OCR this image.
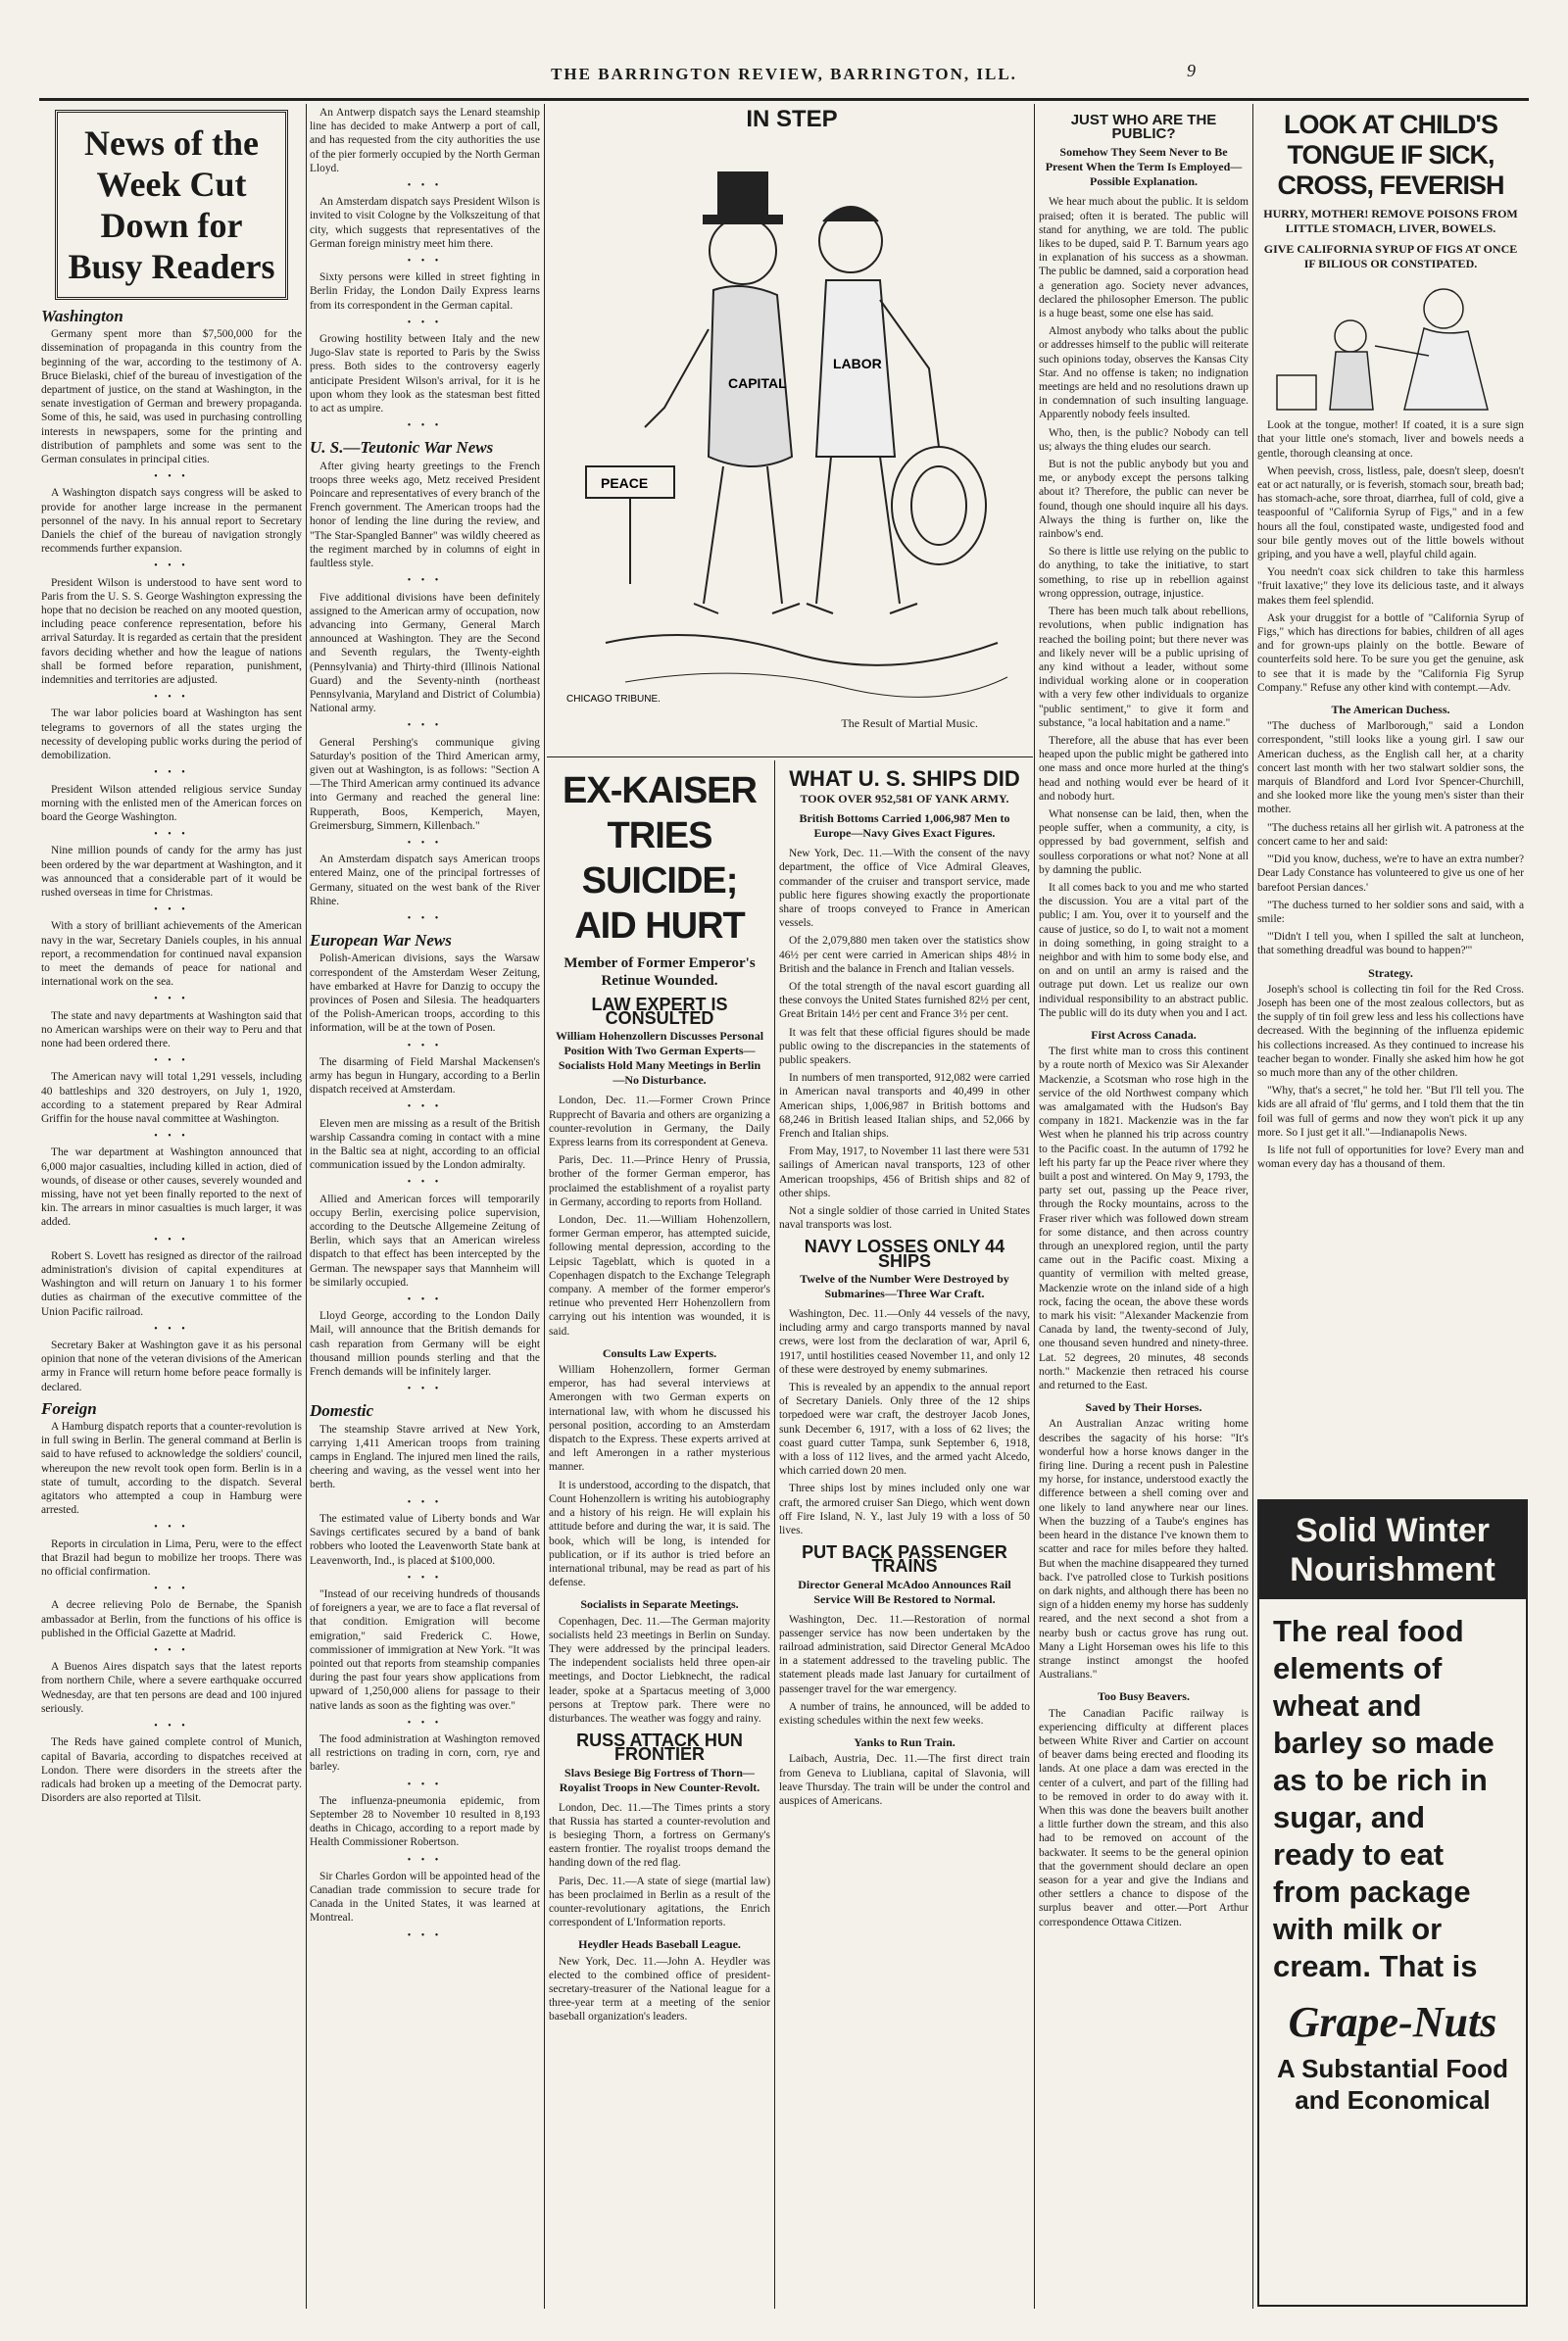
THE BARRINGTON REVIEW, BARRINGTON, ILL.	9
News of the Week Cut Down for Busy Readers
Washington

Germany spent more than $7,500,000 for the dissemination of propaganda in this country from the beginning of the war, according to the testimony of A. Bruce Bielaski, chief of the bureau of investigation of the department of justice, on the stand at Washington, in the senate investigation of German and brewery propaganda. Some of this, he said, was used in purchasing controlling interests in newspapers, some for the printing and distribution of pamphlets and some was sent to the German consulates in principal cities.

• • •

A Washington dispatch says congress will be asked to provide for another large increase in the permanent personnel of the navy. In his annual report to Secretary Daniels the chief of the bureau of navigation strongly recommends further expansion.

• • •

President Wilson is understood to have sent word to Paris from the U. S. S. George Washington expressing the hope that no decision be reached on any mooted question, including peace conference representation, before his arrival Saturday. It is regarded as certain that the president favors deciding whether and how the league of nations shall be formed before reparation, punishment, indemnities and territories are adjusted.

• • •

The war labor policies board at Washington has sent telegrams to governors of all the states urging the necessity of developing public works during the period of demobilization.

• • •

President Wilson attended religious service Sunday morning with the enlisted men of the American forces on board the George Washington.

• • •

Nine million pounds of candy for the army has just been ordered by the war department at Washington, and it was announced that a considerable part of it would be rushed overseas in time for Christmas.

• • •

With a story of brilliant achievements of the American navy in the war, Secretary Daniels couples, in his annual report, a recommendation for continued naval expansion to meet the demands of peace for national and international work on the sea.

• • •

The state and navy departments at Washington said that no American warships were on their way to Peru and that none had been ordered there.

• • •

The American navy will total 1,291 vessels, including 40 battleships and 320 destroyers, on July 1, 1920, according to a statement prepared by Rear Admiral Griffin for the house naval committee at Washington.

• • •

The war department at Washington announced that 6,000 major casualties, including killed in action, died of wounds, of disease or other causes, severely wounded and missing, have not yet been finally reported to the next of kin. The arrears in minor casualties is much larger, it was added.

• • •

Robert S. Lovett has resigned as director of the railroad administration's division of capital expenditures at Washington and will return on January 1 to his former duties as chairman of the executive committee of the Union Pacific railroad.

• • •

Secretary Baker at Washington gave it as his personal opinion that none of the veteran divisions of the American army in France will return home before peace formally is declared.

Foreign

A Hamburg dispatch reports that a counter-revolution is in full swing in Berlin. The general command at Berlin is said to have refused to acknowledge the soldiers' council, whereupon the new revolt took open form. Berlin is in a state of tumult, according to the dispatch. Several agitators who attempted a coup in Hamburg were arrested.

• • •

Reports in circulation in Lima, Peru, were to the effect that Brazil had begun to mobilize her troops. There was no official confirmation.

• • •

A decree relieving Polo de Bernabe, the Spanish ambassador at Berlin, from the functions of his office is published in the Official Gazette at Madrid.

• • •

A Buenos Aires dispatch says that the latest reports from northern Chile, where a severe earthquake occurred Wednesday, are that ten persons are dead and 100 injured seriously.

• • •

The Reds have gained complete control of Munich, capital of Bavaria, according to dispatches received at London. There were disorders in the streets after the radicals had broken up a meeting of the Democrat party. Disorders are also reported at Tilsit.

An Antwerp dispatch says the Lenard steamship line has decided to make Antwerp a port of call, and has requested from the city authorities the use of the pier formerly occupied by the North German Lloyd.

• • •

An Amsterdam dispatch says President Wilson is invited to visit Cologne by the Volkszeitung of that city, which suggests that representatives of the German foreign ministry meet him there.

• • •

Sixty persons were killed in street fighting in Berlin Friday, the London Daily Express learns from its correspondent in the German capital.

• • •

Growing hostility between Italy and the new Jugo-Slav state is reported to Paris by the Swiss press. Both sides to the controversy eagerly anticipate President Wilson's arrival, for it is he upon whom they look as the statesman best fitted to act as umpire.

• • •
U. S.—Teutonic War News

After giving hearty greetings to the French troops three weeks ago, Metz received President Poincare and representatives of every branch of the French government. The American troops had the honor of lending the line during the review, and "The Star-Spangled Banner" was wildly cheered as the regiment marched by in columns of eight in faultless style.

• • •

Five additional divisions have been definitely assigned to the American army of occupation, now advancing into Germany, General March announced at Washington. They are the Second and Seventh regulars, the Twenty-eighth (Pennsylvania) and Thirty-third (Illinois National Guard) and the Seventy-ninth (northeast Pennsylvania, Maryland and District of Columbia) National army.

• • •

General Pershing's communique giving Saturday's position of the Third American army, given out at Washington, is as follows: "Section A—The Third American army continued its advance into Germany and reached the general line: Rupperath, Boos, Kemperich, Mayen, Greimersburg, Simmern, Killenbach."

• • •

An Amsterdam dispatch says American troops entered Mainz, one of the principal fortresses of Germany, situated on the west bank of the River Rhine.

• • •
European War News

Polish-American divisions, says the Warsaw correspondent of the Amsterdam Weser Zeitung, have embarked at Havre for Danzig to occupy the provinces of Posen and Silesia. The headquarters of the Polish-American troops, according to this information, will be at the town of Posen.

• • •

The disarming of Field Marshal Mackensen's army has begun in Hungary, according to a Berlin dispatch received at Amsterdam.

• • •

Eleven men are missing as a result of the British warship Cassandra coming in contact with a mine in the Baltic sea at night, according to an official communication issued by the London admiralty.

• • •

Allied and American forces will temporarily occupy Berlin, exercising police supervision, according to the Deutsche Allgemeine Zeitung of Berlin, which says that an American wireless dispatch to that effect has been intercepted by the German. The newspaper says that Mannheim will be similarly occupied.

• • •

Lloyd George, according to the London Daily Mail, will announce that the British demands for cash reparation from Germany will be eight thousand million pounds sterling and that the French demands will be infinitely larger.

• • •
Domestic

The steamship Stavre arrived at New York, carrying 1,411 American troops from training camps in England. The injured men lined the rails, cheering and waving, as the vessel went into her berth.

• • •

The estimated value of Liberty bonds and War Savings certificates secured by a band of bank robbers who looted the Leavenworth State bank at Leavenworth, Ind., is placed at $100,000.

• • •

"Instead of our receiving hundreds of thousands of foreigners a year, we are to face a flat reversal of that condition. Emigration will become emigration," said Frederick C. Howe, commissioner of immigration at New York. "It was pointed out that reports from steamship companies during the past four years show applications from upward of 1,250,000 aliens for passage to their native lands as soon as the fighting was over."

• • •

The food administration at Washington removed all restrictions on trading in corn, corn, rye and barley.

• • •

The influenza-pneumonia epidemic, from September 28 to November 10 resulted in 8,193 deaths in Chicago, according to a report made by Health Commissioner Robertson.

• • •

Sir Charles Gordon will be appointed head of the Canadian trade commission to secure trade for Canada in the United States, it was learned at Montreal.

• • •
IN STEP
CAPITAL
LABOR
PEACE
CHICAGO TRIBUNE.
The Result of Martial Music.
EX-KAISER TRIES SUICIDE; AID HURT
Member of Former Emperor's Retinue Wounded.
LAW EXPERT IS CONSULTED
William Hohenzollern Discusses Personal Position With Two German Experts—Socialists Hold Many Meetings in Berlin—No Disturbance.

London, Dec. 11.—Former Crown Prince Rupprecht of Bavaria and others are organizing a counter-revolution in Germany, the Daily Express learns from its correspondent at Geneva.

Paris, Dec. 11.—Prince Henry of Prussia, brother of the former German emperor, has proclaimed the establishment of a royalist party in Germany, according to reports from Holland.

London, Dec. 11.—William Hohenzollern, former German emperor, has attempted suicide, following mental depression, according to the Leipsic Tageblatt, which is quoted in a Copenhagen dispatch to the Exchange Telegraph company. A member of the former emperor's retinue who prevented Herr Hohenzollern from carrying out his intention was wounded, it is said.

Consults Law Experts.

William Hohenzollern, former German emperor, has had several interviews at Amerongen with two German experts on international law, with whom he discussed his personal position, according to an Amsterdam dispatch to the Express. These experts arrived at and left Amerongen in a rather mysterious manner.

It is understood, according to the dispatch, that Count Hohenzollern is writing his autobiography and a history of his reign. He will explain his attitude before and during the war, it is said. The book, which will be long, is intended for publication, or if its author is tried before an international tribunal, may be read as part of his defense.

Socialists in Separate Meetings.

Copenhagen, Dec. 11.—The German majority socialists held 23 meetings in Berlin on Sunday. They were addressed by the principal leaders. The independent socialists held three open-air meetings, and Doctor Liebknecht, the radical leader, spoke at a Spartacus meeting of 3,000 persons at Treptow park. There were no disturbances. The weather was foggy and rainy.

RUSS ATTACK HUN FRONTIER
Slavs Besiege Big Fortress of Thorn—Royalist Troops in New Counter-Revolt.

London, Dec. 11.—The Times prints a story that Russia has started a counter-revolution and is besieging Thorn, a fortress on Germany's eastern frontier. The royalist troops demand the handing down of the red flag.

Paris, Dec. 11.—A state of siege (martial law) has been proclaimed in Berlin as a result of the counter-revolutionary agitations, the Enrich correspondent of L'Information reports.

Heydler Heads Baseball League.

New York, Dec. 11.—John A. Heydler was elected to the combined office of president-secretary-treasurer of the National league for a three-year term at a meeting of the senior baseball organization's leaders.

WHAT U. S. SHIPS DID
TOOK OVER 952,581 OF YANK ARMY.
British Bottoms Carried 1,006,987 Men to Europe—Navy Gives Exact Figures.

New York, Dec. 11.—With the consent of the navy department, the office of Vice Admiral Gleaves, commander of the cruiser and transport service, made public here figures showing exactly the proportionate share of troops conveyed to France in American vessels.

Of the 2,079,880 men taken over the statistics show 46½ per cent were carried in American ships 48½ in British and the balance in French and Italian vessels.

Of the total strength of the naval escort guarding all these convoys the United States furnished 82½ per cent, Great Britain 14½ per cent and France 3½ per cent.

It was felt that these official figures should be made public owing to the discrepancies in the statements of public speakers.

In numbers of men transported, 912,082 were carried in American naval transports and 40,499 in other American ships, 1,006,987 in British bottoms and 68,246 in British leased Italian ships, and 52,066 by French and Italian ships.

From May, 1917, to November 11 last there were 531 sailings of American naval transports, 123 of other American troopships, 456 of British ships and 82 of other ships.

Not a single soldier of those carried in United States naval transports was lost.

NAVY LOSSES ONLY 44 SHIPS
Twelve of the Number Were Destroyed by Submarines—Three War Craft.

Washington, Dec. 11.—Only 44 vessels of the navy, including army and cargo transports manned by naval crews, were lost from the declaration of war, April 6, 1917, until hostilities ceased November 11, and only 12 of these were destroyed by enemy submarines.

This is revealed by an appendix to the annual report of Secretary Daniels. Only three of the 12 ships torpedoed were war craft, the destroyer Jacob Jones, sunk December 6, 1917, with a loss of 62 lives; the coast guard cutter Tampa, sunk September 6, 1918, with a loss of 112 lives, and the armed yacht Alcedo, which carried down 20 men.

Three ships lost by mines included only one war craft, the armored cruiser San Diego, which went down off Fire Island, N. Y., last July 19 with a loss of 50 lives.

PUT BACK PASSENGER TRAINS
Director General McAdoo Announces Rail Service Will Be Restored to Normal.

Washington, Dec. 11.—Restoration of normal passenger service has now been undertaken by the railroad administration, said Director General McAdoo in a statement addressed to the traveling public. The statement pleads made last January for curtailment of passenger travel for the war emergency.

A number of trains, he announced, will be added to existing schedules within the next few weeks.

Yanks to Run Train.

Laibach, Austria, Dec. 11.—The first direct train from Geneva to Liubliana, capital of Slavonia, will leave Thursday. The train will be under the control and auspices of Americans.

JUST WHO ARE THE PUBLIC?
Somehow They Seem Never to Be Present When the Term Is Employed—Possible Explanation.

We hear much about the public. It is seldom praised; often it is berated. The public will stand for anything, we are told. The public likes to be duped, said P. T. Barnum years ago in explanation of his success as a showman. The public be damned, said a corporation head a generation ago. Society never advances, declared the philosopher Emerson. The public is a huge beast, some one else has said.

Almost anybody who talks about the public or addresses himself to the public will reiterate such opinions today, observes the Kansas City Star. And no offense is taken; no indignation meetings are held and no resolutions drawn up in condemnation of such insulting language. Apparently nobody feels insulted.

Who, then, is the public? Nobody can tell us; always the thing eludes our search.

But is not the public anybody but you and me, or anybody except the persons talking about it? Therefore, the public can never be found, though one should inquire all his days. Always the thing is further on, like the rainbow's end.

So there is little use relying on the public to do anything, to take the initiative, to start something, to rise up in rebellion against wrong oppression, outrage, injustice.

There has been much talk about rebellions, revolutions, when public indignation has reached the boiling point; but there never was and likely never will be a public uprising of any kind without a leader, without some individual working alone or in cooperation with a very few other individuals to organize "public sentiment," to give it form and substance, "a local habitation and a name."

Therefore, all the abuse that has ever been heaped upon the public might be gathered into one mass and once more hurled at the thing's head and nothing would ever be heard of it and nobody hurt.

What nonsense can be laid, then, when the people suffer, when a community, a city, is oppressed by bad government, selfish and soulless corporations or what not? None at all by damning the public.

It all comes back to you and me who started the discussion. You are a vital part of the public; I am. You, over it to yourself and the cause of justice, so do I, to wait not a moment in doing something, in going straight to a neighbor and with him to some body else, and on and on until an army is raised and the outrage put down. Let us realize our own individual responsibility to an abstract public. The public will do its duty when you and I act.

First Across Canada.

The first white man to cross this continent by a route north of Mexico was Sir Alexander Mackenzie, a Scotsman who rose high in the service of the old Northwest company which was amalgamated with the Hudson's Bay company in 1821. Mackenzie was in the far West when he planned his trip across country to the Pacific coast. In the autumn of 1792 he left his party far up the Peace river where they built a post and wintered. On May 9, 1793, the party set out, passing up the Peace river, through the Rocky mountains, across to the Fraser river which was followed down stream for some distance, and then across country through an unexplored region, until the party came out in the Pacific coast. Mixing a quantity of vermilion with melted grease, Mackenzie wrote on the inland side of a high rock, facing the ocean, the above these words to mark his visit: "Alexander Mackenzie from Canada by land, the twenty-second of July, one thousand seven hundred and ninety-three. Lat. 52 degrees, 20 minutes, 48 seconds north." Mackenzie then retraced his course and returned to the East.

Saved by Their Horses.

An Australian Anzac writing home describes the sagacity of his horse: "It's wonderful how a horse knows danger in the firing line. During a recent push in Palestine my horse, for instance, understood exactly the difference between a shell coming over and one likely to land anywhere near our lines. When the buzzing of a Taube's engines has been heard in the distance I've known them to scatter and race for miles before they halted. But when the machine disappeared they turned back. I've patrolled close to Turkish positions on dark nights, and although there has been no sign of a hidden enemy my horse has suddenly reared, and the next second a shot from a nearby bush or cactus grove has rung out. Many a Light Horseman owes his life to this strange instinct amongst the hoofed Australians."

Too Busy Beavers.

The Canadian Pacific railway is experiencing difficulty at different places between White River and Cartier on account of beaver dams being erected and flooding its lands. At one place a dam was erected in the center of a culvert, and part of the filling had to be removed in order to do away with it. When this was done the beavers built another a little further down the stream, and this also had to be removed on account of the backwater. It seems to be the general opinion that the government should declare an open season for a year and give the Indians and other settlers a chance to dispose of the surplus beaver and otter.—Port Arthur correspondence Ottawa Citizen.

LOOK AT CHILD'S TONGUE IF SICK, CROSS, FEVERISH
HURRY, MOTHER! REMOVE POISONS FROM LITTLE STOMACH, LIVER, BOWELS.
GIVE CALIFORNIA SYRUP OF FIGS AT ONCE IF BILIOUS OR CONSTIPATED.

Look at the tongue, mother! If coated, it is a sure sign that your little one's stomach, liver and bowels needs a gentle, thorough cleansing at once.

When peevish, cross, listless, pale, doesn't sleep, doesn't eat or act naturally, or is feverish, stomach sour, breath bad; has stomach-ache, sore throat, diarrhea, full of cold, give a teaspoonful of "California Syrup of Figs," and in a few hours all the foul, constipated waste, undigested food and sour bile gently moves out of the little bowels without griping, and you have a well, playful child again.

You needn't coax sick children to take this harmless "fruit laxative;" they love its delicious taste, and it always makes them feel splendid.

Ask your druggist for a bottle of "California Syrup of Figs," which has directions for babies, children of all ages and for grown-ups plainly on the bottle. Beware of counterfeits sold here. To be sure you get the genuine, ask to see that it is made by the "California Fig Syrup Company." Refuse any other kind with contempt.—Adv.

The American Duchess.

"The duchess of Marlborough," said a London correspondent, "still looks like a young girl. I saw our American duchess, as the English call her, at a charity concert last month with her two stalwart soldier sons, the marquis of Blandford and Lord Ivor Spencer-Churchill, and she looked more like the young men's sister than their mother.

"The duchess retains all her girlish wit. A patroness at the concert came to her and said:

"'Did you know, duchess, we're to have an extra number? Dear Lady Constance has volunteered to give us one of her barefoot Persian dances.'

"The duchess turned to her soldier sons and said, with a smile:

"'Didn't I tell you, when I spilled the salt at luncheon, that something dreadful was bound to happen?'"

Strategy.

Joseph's school is collecting tin foil for the Red Cross. Joseph has been one of the most zealous collectors, but as the supply of tin foil grew less and less his collections have decreased. With the beginning of the influenza epidemic his collections increased. As they continued to increase his teacher began to wonder. Finally she asked him how he got so much more than any of the other children.

"Why, that's a secret," he told her. "But I'll tell you. The kids are all afraid of 'flu' germs, and I told them that the tin foil was full of germs and now they won't pick it up any more. So I just get it all."—Indianapolis News.

Is life not full of opportunities for love? Every man and woman every day has a thousand of them.

Solid Winter Nourishment
The real food elements of wheat and barley so made as to be rich in sugar, and ready to eat from package with milk or cream. That is
Grape-Nuts
A Substantial Food and Economical
